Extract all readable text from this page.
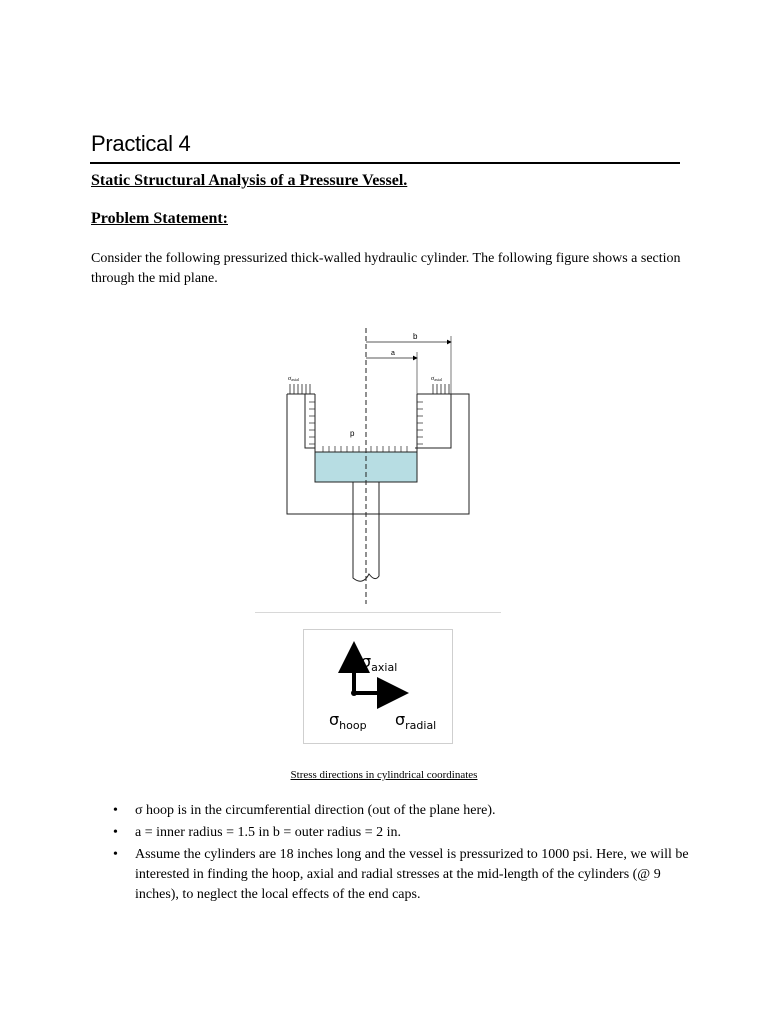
Practical 4
Static Structural Analysis of a Pressure Vessel.
Problem Statement:
Consider the following pressurized thick-walled hydraulic cylinder. The following figure shows a section through the mid plane.
b
a
σaxial	σaxial
p
$\sigma_{axial}$
$\sigma_{hoop}$ $\sigma_{radial}$
Stress directions in cylindrical coordinates
• σ hoop is in the circumferential direction (out of the plane here).
• a = inner radius = 1.5 in b = outer radius = 2 in.
• Assume the cylinders are 18 inches long and the vessel is pressurized to 1000 psi. Here, we will be interested in finding the hoop, axial and radial stresses at the mid-length of the cylinders (@ 9 inches), to neglect the local effects of the end caps.
